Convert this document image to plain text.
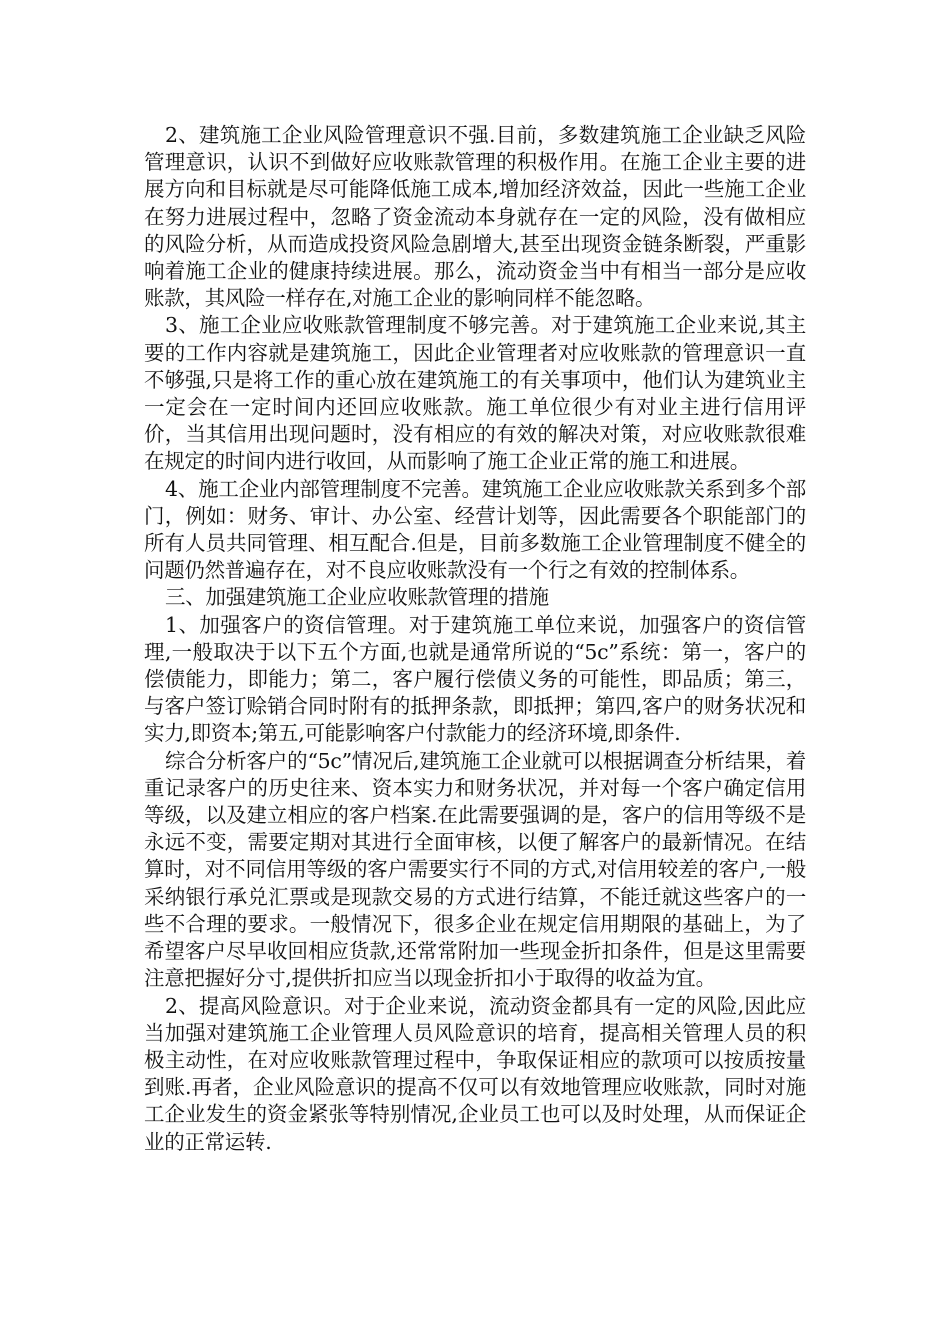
2、建筑施工企业风险管理意识不强.目前，多数建筑施工企业缺乏风险管理意识，认识不到做好应收账款管理的积极作用。在施工企业主要的进展方向和目标就是尽可能降低施工成本,增加经济效益，因此一些施工企业在努力进展过程中，忽略了资金流动本身就存在一定的风险，没有做相应的风险分析，从而造成投资风险急剧增大,甚至出现资金链条断裂，严重影响着施工企业的健康持续进展。那么，流动资金当中有相当一部分是应收账款，其风险一样存在,对施工企业的影响同样不能忽略。

3、施工企业应收账款管理制度不够完善。对于建筑施工企业来说,其主要的工作内容就是建筑施工，因此企业管理者对应收账款的管理意识一直不够强,只是将工作的重心放在建筑施工的有关事项中，他们认为建筑业主一定会在一定时间内还回应收账款。施工单位很少有对业主进行信用评价，当其信用出现问题时，没有相应的有效的解决对策，对应收账款很难在规定的时间内进行收回，从而影响了施工企业正常的施工和进展。

4、施工企业内部管理制度不完善。建筑施工企业应收账款关系到多个部门，例如：财务、审计、办公室、经营计划等，因此需要各个职能部门的所有人员共同管理、相互配合.但是，目前多数施工企业管理制度不健全的问题仍然普遍存在，对不良应收账款没有一个行之有效的控制体系。

三、加强建筑施工企业应收账款管理的措施

1、加强客户的资信管理。对于建筑施工单位来说，加强客户的资信管理,一般取决于以下五个方面,也就是通常所说的“5c”系统：第一，客户的偿债能力，即能力；第二，客户履行偿债义务的可能性，即品质；第三，与客户签订赊销合同时附有的抵押条款，即抵押；第四,客户的财务状况和实力,即资本;第五,可能影响客户付款能力的经济环境,即条件.

综合分析客户的“5c”情况后,建筑施工企业就可以根据调查分析结果，着重记录客户的历史往来、资本实力和财务状况，并对每一个客户确定信用等级，以及建立相应的客户档案.在此需要强调的是，客户的信用等级不是永远不变，需要定期对其进行全面审核，以便了解客户的最新情况。在结算时，对不同信用等级的客户需要实行不同的方式,对信用较差的客户,一般采纳银行承兑汇票或是现款交易的方式进行结算，不能迁就这些客户的一些不合理的要求。一般情况下，很多企业在规定信用期限的基础上，为了希望客户尽早收回相应货款,还常常附加一些现金折扣条件，但是这里需要注意把握好分寸,提供折扣应当以现金折扣小于取得的收益为宜。

2、提高风险意识。对于企业来说，流动资金都具有一定的风险,因此应当加强对建筑施工企业管理人员风险意识的培育，提高相关管理人员的积极主动性，在对应收账款管理过程中，争取保证相应的款项可以按质按量到账.再者，企业风险意识的提高不仅可以有效地管理应收账款，同时对施工企业发生的资金紧张等特别情况,企业员工也可以及时处理，从而保证企业的正常运转.
